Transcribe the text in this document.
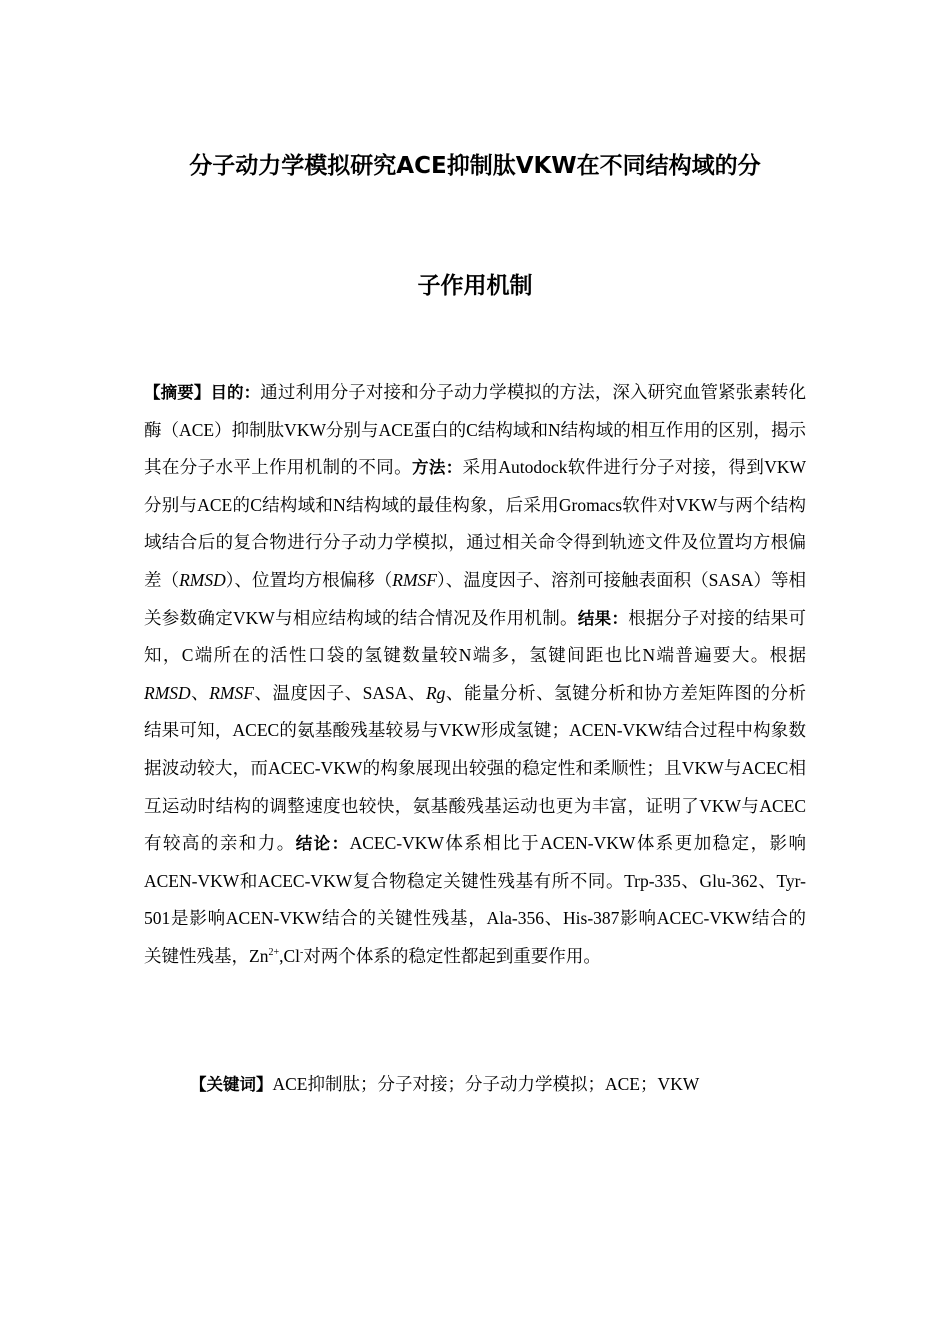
分子动力学模拟研究ACE抑制肽VKW在不同结构域的分
子作用机制
【摘要】目的：通过利用分子对接和分子动力学模拟的方法，深入研究血管紧张素转化酶（ACE）抑制肽VKW分别与ACE蛋白的C结构域和N结构域的相互作用的区别，揭示其在分子水平上作用机制的不同。方法：采用Autodock软件进行分子对接，得到VKW分别与ACE的C结构域和N结构域的最佳构象，后采用Gromacs软件对VKW与两个结构域结合后的复合物进行分子动力学模拟，通过相关命令得到轨迹文件及位置均方根偏差（RMSD）、位置均方根偏移（RMSF）、温度因子、溶剂可接触表面积（SASA）等相关参数确定VKW与相应结构域的结合情况及作用机制。结果：根据分子对接的结果可知，C端所在的活性口袋的氢键数量较N端多，氢键间距也比N端普遍要大。根据RMSD、RMSF、温度因子、SASA、Rg、能量分析、氢键分析和协方差矩阵图的分析结果可知，ACEC的氨基酸残基较易与VKW形成氢键；ACEN-VKW结合过程中构象数据波动较大，而ACEC-VKW的构象展现出较强的稳定性和柔顺性；且VKW与ACEC相互运动时结构的调整速度也较快，氨基酸残基运动也更为丰富，证明了VKW与ACEC有较高的亲和力。结论：ACEC-VKW体系相比于ACEN-VKW体系更加稳定，影响ACEN-VKW和ACEC-VKW复合物稳定关键性残基有所不同。Trp-335、Glu-362、Tyr-501是影响ACEN-VKW结合的关键性残基，Ala-356、His-387影响ACEC-VKW结合的关键性残基，$Zn^{2+},Cl^-$对两个体系的稳定性都起到重要作用。
【关键词】ACE抑制肽；分子对接；分子动力学模拟；ACE；VKW
